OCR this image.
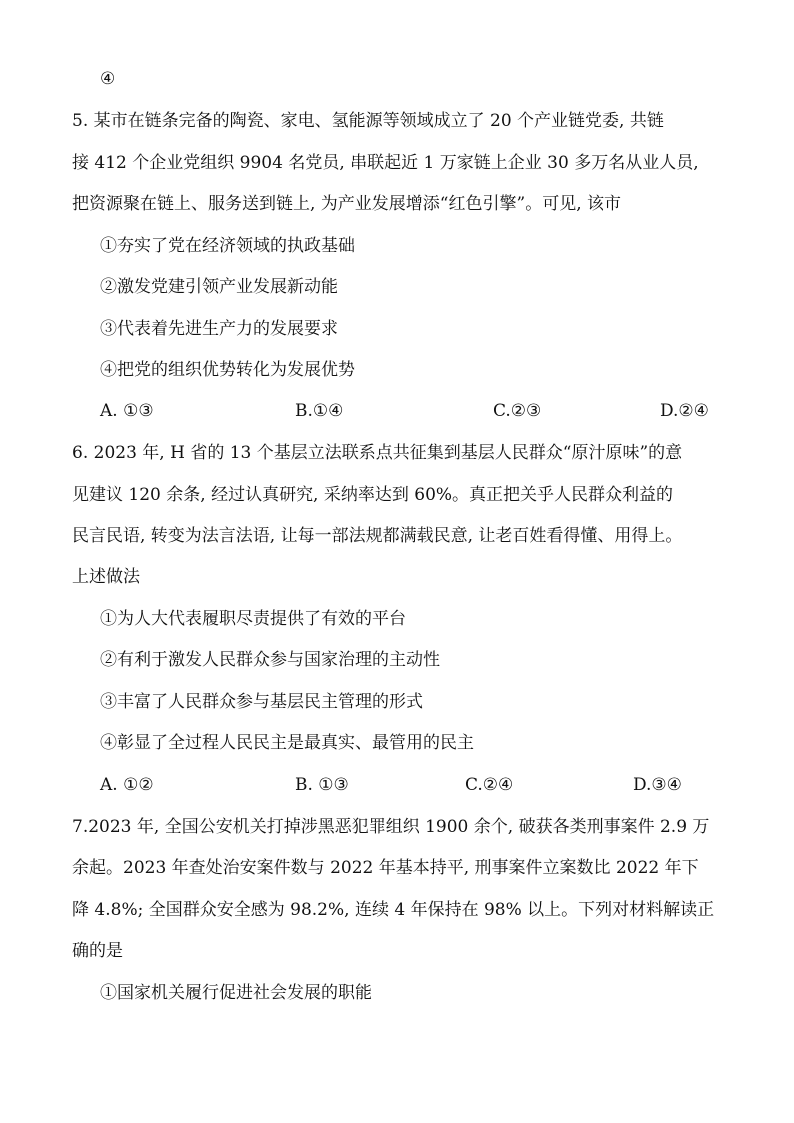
④
5. 某市在链条完备的陶瓷、家电、氢能源等领域成立了 20 个产业链党委, 共链
接 412 个企业党组织 9904 名党员, 串联起近 1 万家链上企业 30 多万名从业人员,
把资源聚在链上、服务送到链上, 为产业发展增添“红色引擎”。可见, 该市
①夯实了党在经济领域的执政基础
②激发党建引领产业发展新动能
③代表着先进生产力的发展要求
④把党的组织优势转化为发展优势
A. ①③	B.①④	C.②③	D.②④
6. 2023 年, H 省的 13 个基层立法联系点共征集到基层人民群众“原汁原味”的意
见建议 120 余条, 经过认真研究, 采纳率达到 60%。真正把关乎人民群众利益的
民言民语, 转变为法言法语, 让每一部法规都满载民意, 让老百姓看得懂、用得上。
上述做法
①为人大代表履职尽责提供了有效的平台
②有利于激发人民群众参与国家治理的主动性
③丰富了人民群众参与基层民主管理的形式
④彰显了全过程人民民主是最真实、最管用的民主
A. ①②	B. ①③	C.②④	D.③④
7.2023 年, 全国公安机关打掉涉黑恶犯罪组织 1900 余个, 破获各类刑事案件 2.9 万
余起。2023 年查处治安案件数与 2022 年基本持平, 刑事案件立案数比 2022 年下
降 4.8%; 全国群众安全感为 98.2%, 连续 4 年保持在 98% 以上。下列对材料解读正
确的是
①国家机关履行促进社会发展的职能
